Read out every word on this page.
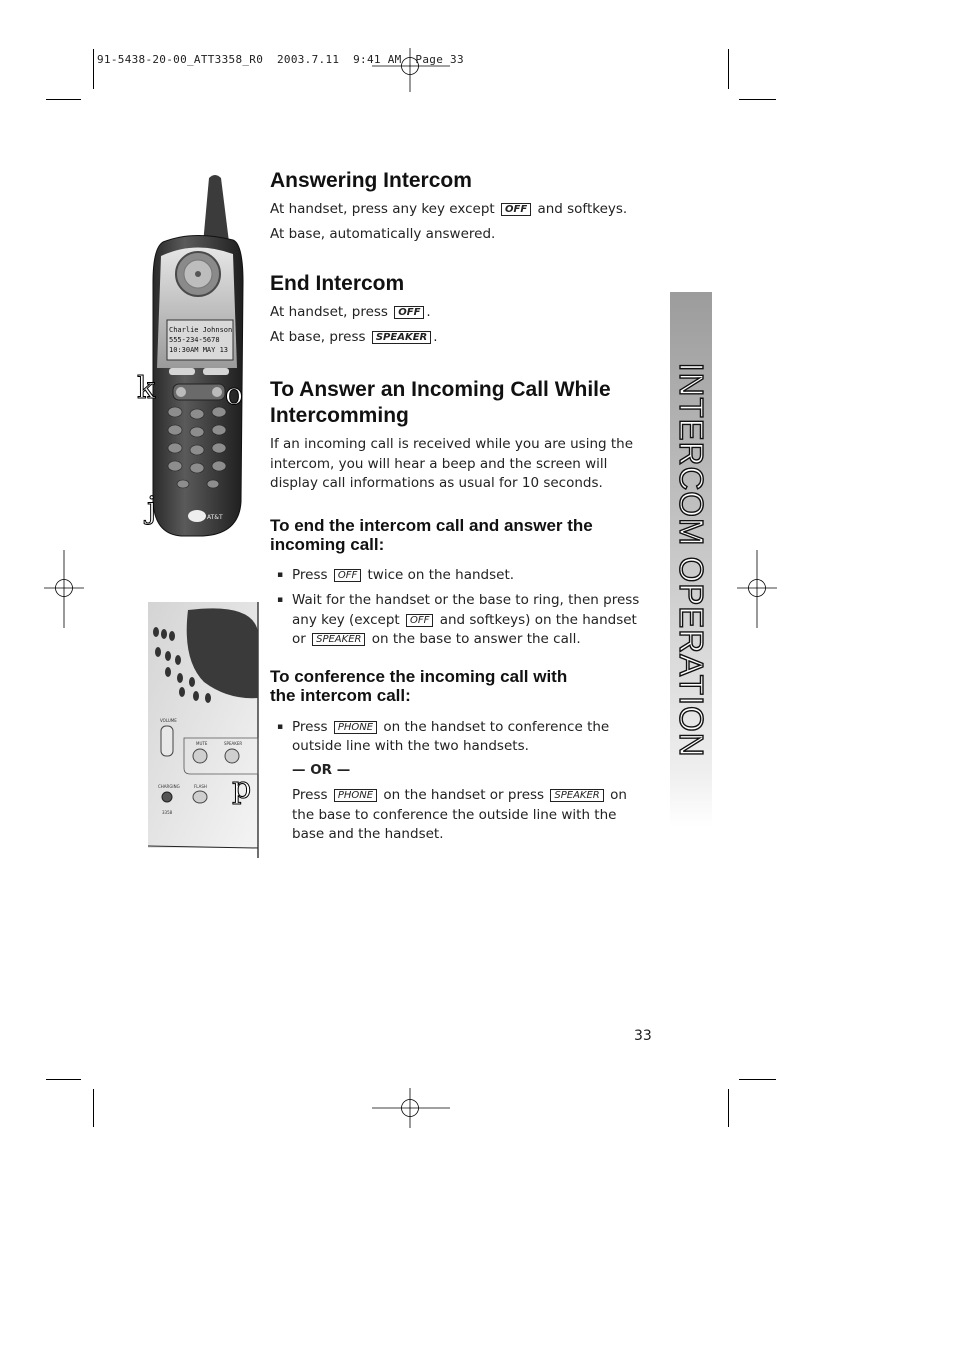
91-5438-20-00_ATT3358_R0  2003.7.11  9:41 AM  Page 33
INTERCOM OPERATION
Charlie Johnson
555-234-5678
10:30AM MAY 13
AT&T
k o
j
VOLUME
MUTE	SPEAKER
CHARGING	FLASH
3358
p
Answering Intercom

At handset, press any key except OFF and softkeys.

At base, automatically answered.

End Intercom

At handset, press OFF .

At base, press SPEAKER .

To Answer an Incoming Call While
Intercomming

If an incoming call is received while you are using the intercom, you will hear a beep and the screen will display call informations as usual for 10 seconds.

To end the intercom call and answer the
incoming call:
▪ Press OFF twice on the handset.
▪ Wait for the handset or the base to ring, then press any key (except OFF and softkeys) on the handset or SPEAKER on the base to answer the call.
To conference the incoming call with
the intercom call:
▪ Press PHONE on the handset to conference the outside line with the two handsets.

— OR —

Press PHONE on the handset or press SPEAKER on the base to conference the outside line with the base and the handset.

33
